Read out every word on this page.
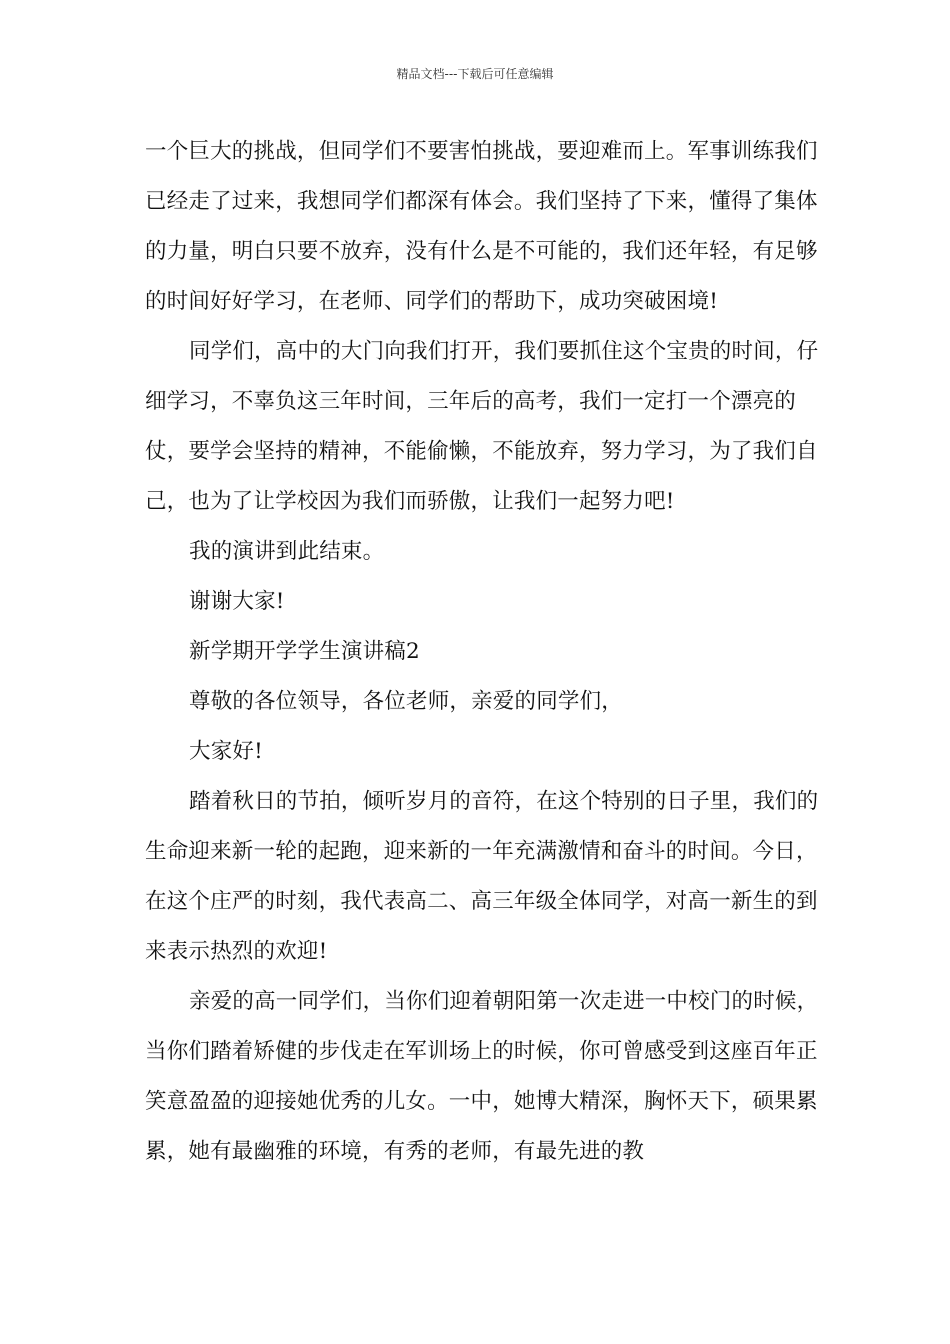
精品文档---下载后可任意编辑

一个巨大的挑战，但同学们不要害怕挑战，要迎难而上。军事训练我们已经走了过来，我想同学们都深有体会。我们坚持了下来，懂得了集体的力量，明白只要不放弃，没有什么是不可能的，我们还年轻，有足够的时间好好学习，在老师、同学们的帮助下，成功突破困境!

同学们，高中的大门向我们打开，我们要抓住这个宝贵的时间，仔细学习，不辜负这三年时间，三年后的高考，我们一定打一个漂亮的仗，要学会坚持的精神，不能偷懒，不能放弃，努力学习，为了我们自己，也为了让学校因为我们而骄傲，让我们一起努力吧!

我的演讲到此结束。

谢谢大家!

新学期开学学生演讲稿2

尊敬的各位领导，各位老师，亲爱的同学们，

大家好!

踏着秋日的节拍，倾听岁月的音符，在这个特别的日子里，我们的生命迎来新一轮的起跑，迎来新的一年充满激情和奋斗的时间。今日，在这个庄严的时刻，我代表高二、高三年级全体同学，对高一新生的到来表示热烈的欢迎!

亲爱的高一同学们，当你们迎着朝阳第一次走进一中校门的时候，当你们踏着矫健的步伐走在军训场上的时候，你可曾感受到这座百年正笑意盈盈的迎接她优秀的儿女。一中，她博大精深，胸怀天下，硕果累累，她有最幽雅的环境，有秀的老师，有最先进的教
